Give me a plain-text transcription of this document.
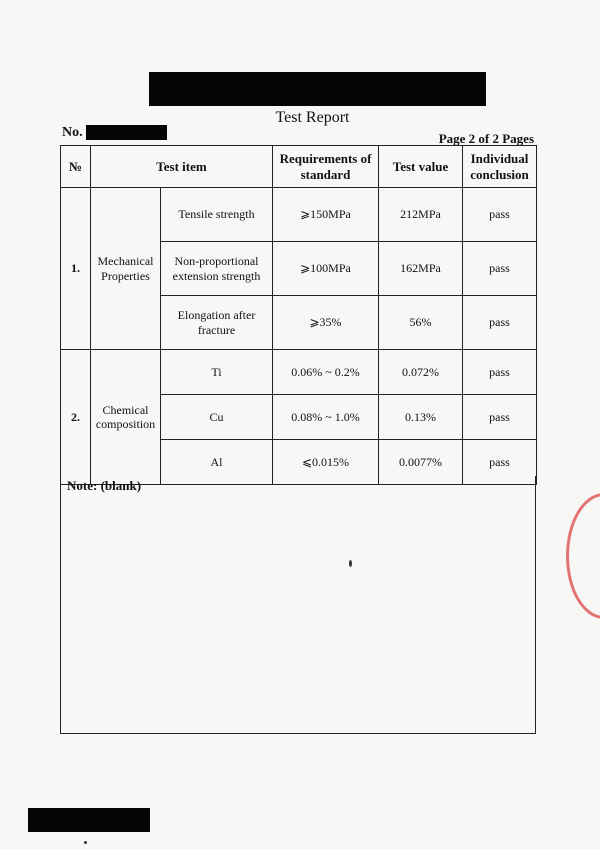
Test Report
No.	Page 2 of 2 Pages
№	Test item		Requirements of standard	Test value	Individual conclusion
1.	Mechanical Properties	Tensile strength	⩾150MPa	212MPa	pass
		Non-proportional extension strength	⩾100MPa	162MPa	pass
		Elongation after fracture	⩾35%	56%	pass
2.	Chemical composition	Ti	0.06% ~ 0.2%	0.072%	pass
		Cu	0.08% ~ 1.0%	0.13%	pass
		Al	⩽0.015%	0.0077%	pass
Note: (blank)
